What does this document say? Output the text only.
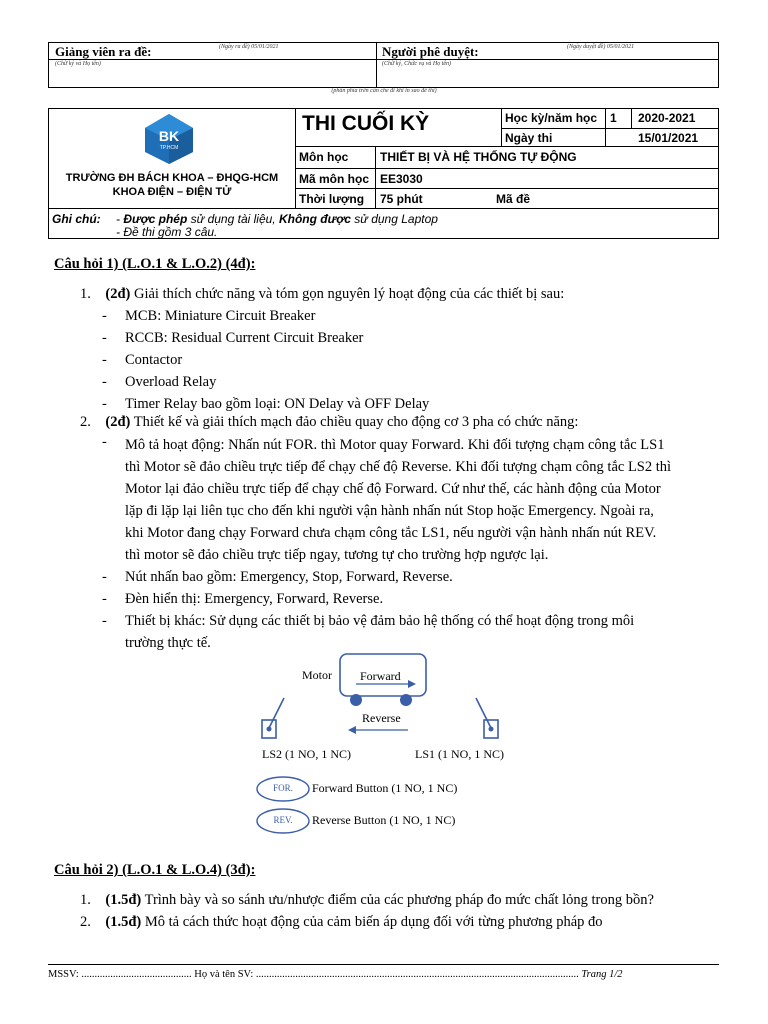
Giảng viên ra đề:	(Ngày ra đề) 05/01/2021
(Chữ ký và Họ tên)
Người phê duyệt:	(Ngày duyệt đề) 05/01/2021
(Chữ ký, Chức vụ và Họ tên)
(phần phía trên cần che đi khi in sao đề thi)
BK
TP.HCM
TRƯỜNG ĐH BÁCH KHOA – ĐHQG-HCM
KHOA ĐIỆN – ĐIỆN TỬ
THI CUỐI KỲ	Học kỳ/năm học 1 2020-2021
Ngày thi	15/01/2021
Môn học	THIẾT BỊ VÀ HỆ THỐNG TỰ ĐỘNG
Mã môn học EE3030
Thời lượng 75 phút	Mã đề
Ghi chú: - Được phép sử dụng tài liệu, Không được sử dụng Laptop
- Đề thi gồm 3 câu.
Câu hỏi 1) (L.O.1 & L.O.2) (4đ):
1. (2đ) Giải thích chức năng và tóm gọn nguyên lý hoạt động của các thiết bị sau:
-     MCB: Miniature Circuit Breaker
-     RCCB: Residual Current Circuit Breaker
-     Contactor
-     Overload Relay
-     Timer Relay bao gồm loại: ON Delay và OFF Delay
2. (2đ) Thiết kế và giải thích mạch đảo chiều quay cho động cơ 3 pha có chức năng:
- Mô tả hoạt động: Nhấn nút FOR. thì Motor quay Forward. Khi đối tượng chạm công tắc LS1
thì Motor sẽ đảo chiều trực tiếp để chạy chế độ Reverse. Khi đối tượng chạm công tắc LS2 thì
Motor lại đảo chiều trực tiếp để chạy chế độ Forward. Cứ như thế, các hành động của Motor
lặp đi lặp lại liên tục cho đến khi người vận hành nhấn nút Stop hoặc Emergency. Ngoài ra,
khi Motor đang chạy Forward chưa chạm công tắc LS1, nếu người vận hành nhấn nút REV.
thì motor sẽ đảo chiều trực tiếp ngay, tương tự cho trường hợp ngược lại.
-     Nút nhấn bao gồm: Emergency, Stop, Forward, Reverse.
-     Đèn hiển thị: Emergency, Forward, Reverse.
- Thiết bị khác: Sử dụng các thiết bị bảo vệ đảm bảo hệ thống có thể hoạt động trong môi
trường thực tế.
Motor Forward
Reverse
LS2 (1 NO, 1 NC)	LS1 (1 NO, 1 NC)
FOR.	Forward Button (1 NO, 1 NC)
REV.	Reverse Button (1 NO, 1 NC)
Câu hỏi 2) (L.O.1 & L.O.4) (3đ):
1. (1.5đ) Trình bày và so sánh ưu/nhược điểm của các phương pháp đo mức chất lỏng trong bồn?
2. (1.5đ) Mô tả cách thức hoạt động của cảm biến áp dụng đối với từng phương pháp đo
MSSV: .......................................... Họ và tên SV: ........................................................................................................................... Trang 1/2
